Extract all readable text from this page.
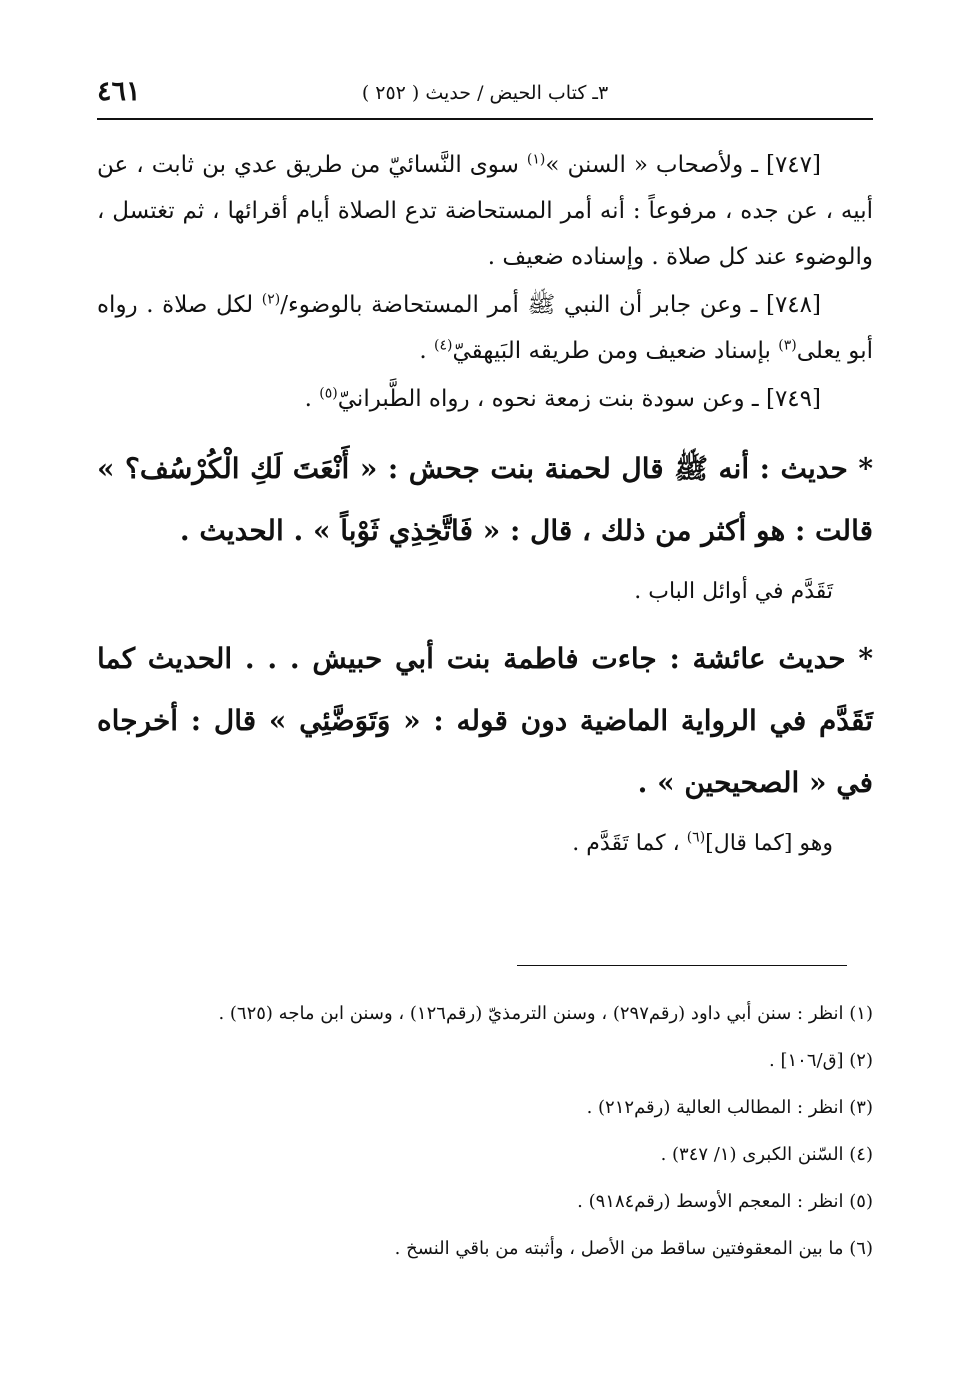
٣ـ كتاب الحيض / حديث ( ٢٥٢ )
٤٦١

[٧٤٧] ـ ولأصحاب « السنن »$^{(١)}$ سوى النَّسائيّ من طريق عدي بن ثابت ، عن أبيه ، عن جده ، مرفوعاً : أنه أمر المستحاضة تدع الصلاة أيام أقرائها ، ثم تغتسل ، والوضوء عند كل صلاة . وإسناده ضعيف .

[٧٤٨] ـ وعن جابر أن النبي ﷺ أمر المستحاضة بالوضوء/$^{(٢)}$ لكل صلاة . رواه أبو يعلى$^{(٣)}$ بإسناد ضعيف ومن طريقه البَيهقيّ$^{(٤)}$ .

[٧٤٩] ـ وعن سودة بنت زمعة نحوه ، رواه الطَّبرانيّ$^{(٥)}$ .

* حديث : أنه ﷺ قال لحمنة بنت جحش : « أَنْعَتَ لَكِ الْكُرْسُف؟ » قالت : هو أكثر من ذلك ، قال : « فَاتَّخِذِي ثَوْباً » . الحديث .

تَقَدَّم في أوائل الباب .

* حديث عائشة : جاءت فاطمة بنت أبي حبيش . . . الحديث كما تَقَدَّم في الرواية الماضية دون قوله : « وَتَوَضَّئِي » قال : أخرجاه في « الصحيحين » .

وهو [كما قال]$^{(٦)}$ ، كما تَقَدَّم .

(١) انظر : سنن أبي داود (رقم٢٩٧) ، وسنن الترمذيّ (رقم١٢٦) ، وسنن ابن ماجه (٦٢٥) .

(٢) [ق/١٠٦] .

(٣) انظر : المطالب العالية (رقم٢١٢) .

(٤) السّنن الكبرى (١/ ٣٤٧) .

(٥) انظر : المعجم الأوسط (رقم٩١٨٤) .

(٦) ما بين المعقوفتين ساقط من الأصل ، وأثبته من باقي النسخ .
